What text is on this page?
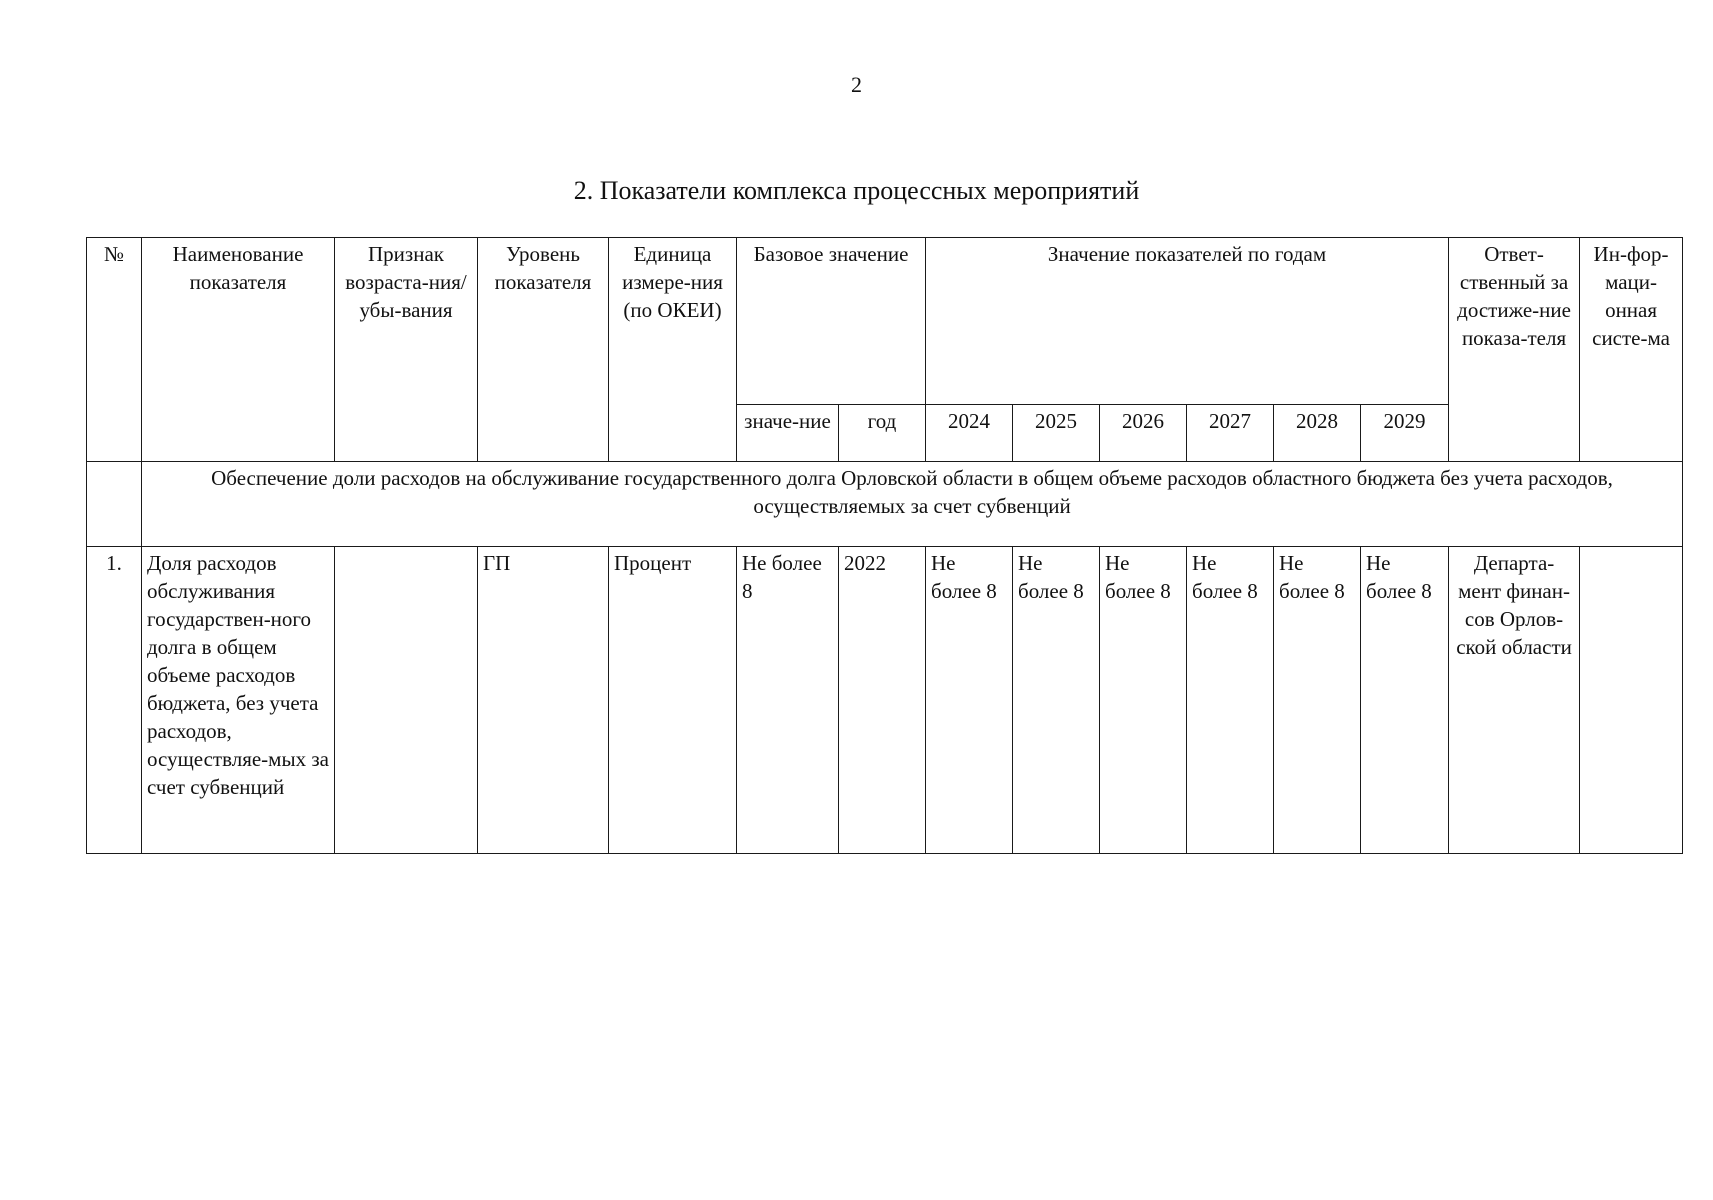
2
2. Показатели комплекса процессных мероприятий
№	Наименование показателя	Признак возраста-ния/убы-вания	Уровень показателя	Единица измере-ния (по ОКЕИ)	Базовое значение		Значение показателей по годам						Ответ-ственный за достиже-ние показа-теля	Ин-фор-маци-онная систе-ма
					значе-ние	год	2024	2025	2026	2027	2028	2029		
	Обеспечение доли расходов на обслуживание государственного долга Орловской области в общем объеме расходов областного бюджета без учета расходов, осуществляемых за счет субвенций													
1.	Доля расходов обслуживания государствен-ного долга в общем объеме расходов бюджета, без учета расходов, осуществляе-мых за счет субвенций		ГП	Процент	Не более 8	2022	Не более 8	Не более 8	Не более 8	Не более 8	Не более 8	Не более 8	Департа-мент финан-сов Орлов-ской области	
